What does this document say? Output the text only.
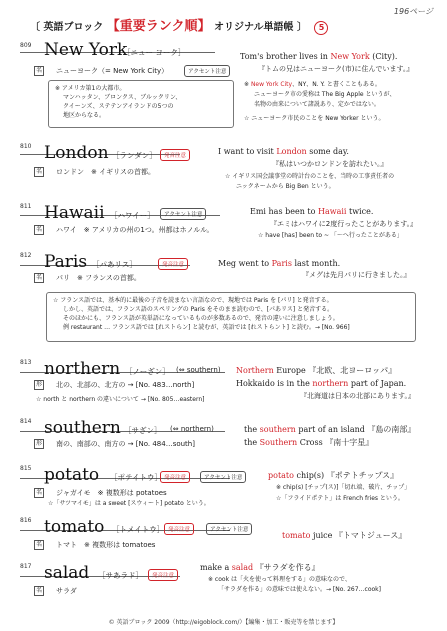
196ページ
〔 英語ブロック 【重要ランク順】 オリジナル単語帳 〕 5
809 New York
［ニュー ヨーク］
名 ニューヨーク（= New York City）	アクセント注意
※ アメリカ第1の大都市。
マンハッタン、ブロンクス、ブルックリン、
クイーンズ、ステテンアイランドの5つの
地区からなる。
Tom's brother lives in New York (City).
『トムの兄はニューヨーク(市)に住んでいます。』
※ New York City、NY、N. Y. と書くこともある。
ニューヨーク市の愛称は The Big Apple というが、
名物の由来について諸説あり、定かではない。
☆ ニューヨーク市民のことを New Yorker という。
810 London ［ランダン］	発音注意
名 ロンドン　※ イギリスの首都。
I want to visit London some day.
『私はいつかロンドンを訪れたい。』
☆ イギリス国会議事堂の時計台のことを、当時の工事責任者の
ニックネームから Big Ben という。
811 Hawaii ［ハワイー］	アクセント注意
名 ハワイ　※ アメリカの州の1つ。州都はホノルル。
Emi has been to Hawaii twice.
『エミはハワイに2度行ったことがあります。』
☆ have [has] been to ~ 「～へ行ったことがある」
812 Paris ［パあリス］	発音注意
名 パリ　※ フランスの首都。
Meg went to Paris last month.
『メグは先月パリに行きました。』
☆ フランス語では、基本的に最後の子音を読まない言語なので、現地では Paris を [パリ] と発音する。
しかし、英語では、フランス語のスペリングの Paris をそのまま読むので、[パあリス] と発音する。
そのほかにも、フランス語が英単語になっているものが多数あるので、発音の違いに注意しましょう。
例 restaurant … フランス語では [れストらン] と読むが、英語では [れストらント] と読む。→ [No. 966]
813 northern ［ノーざン］ (⇔ southern)
形 北の、北部の、北方の → [No. 483…north]
☆ north と northern の違いについて → [No. 805…eastern]
Northern Europe 『北欧、北ヨーロッパ』
Hokkaido is in the northern part of Japan.
『北海道は日本の北部にあります。』
814 southern ［サざン］ (⇔ northern)
形 南の、南部の、南方の → [No. 484…south]
the southern part of an island 『島の南部』
the Southern Cross 『南十字星』
815 potato ［ポテイトウ］ 発音注意	アクセント注意
名 ジャガイモ　※ 複数形は potatoes
☆「サツマイモ」は a sweet [スウィート] potato という。
potato chip(s) 『ポテトチップス』
※ chip(s) [チップ(ス)]「切れ端、破片、チップ」
☆「フライドポテト」は French fries という。
816 tomato ［トメイトウ］ 発音注意	アクセント注意
名 トマト　※ 複数形は tomatoes
tomato juice 『トマトジュース』
817 salad ［サあラド］	発音注意
名 サラダ
make a salad 『サラダを作る』
※ cook は「火を使って料理をする」の意味なので、
「サラダを作る」の意味では使えない。→ [No. 267…cook]
© 英語ブロック 2009（http://eigoblock.com/）【編集・加工・販売等を禁じます】
